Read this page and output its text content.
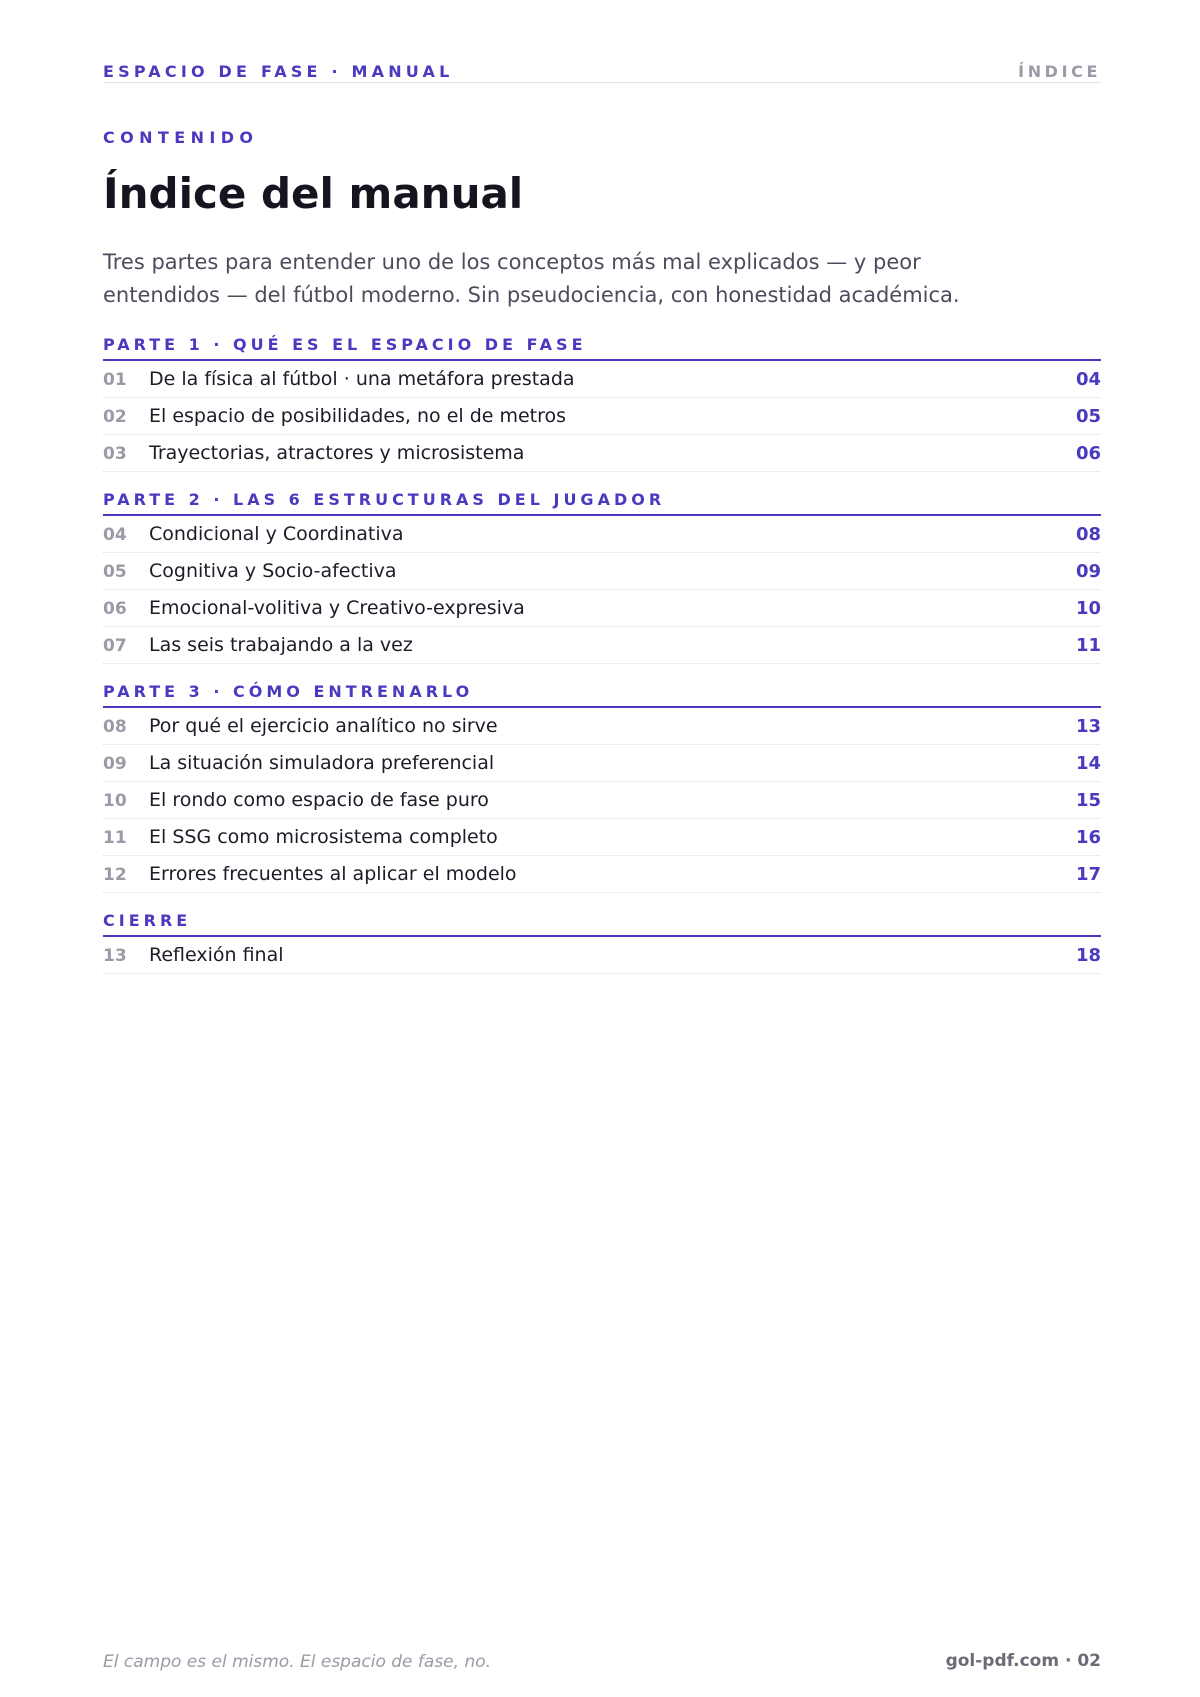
ESPACIO DE FASE · MANUAL	ÍNDICE
CONTENIDO
Índice del manual

Tres partes para entender uno de los conceptos más mal explicados — y peor entendidos — del fútbol moderno. Sin pseudociencia, con honestidad académica.

PARTE 1 · QUÉ ES EL ESPACIO DE FASE
01 De la física al fútbol · una metáfora prestada	04
02 El espacio de posibilidades, no el de metros	05
03 Trayectorias, atractores y microsistema	06
PARTE 2 · LAS 6 ESTRUCTURAS DEL JUGADOR
04 Condicional y Coordinativa	08
05 Cognitiva y Socio-afectiva	09
06 Emocional-volitiva y Creativo-expresiva	10
07 Las seis trabajando a la vez	11
PARTE 3 · CÓMO ENTRENARLO
08 Por qué el ejercicio analítico no sirve	13
09 La situación simuladora preferencial	14
10 El rondo como espacio de fase puro	15
11 El SSG como microsistema completo	16
12 Errores frecuentes al aplicar el modelo	17
CIERRE
13 Reflexión final	18
El campo es el mismo. El espacio de fase, no.	gol-pdf.com · 02
